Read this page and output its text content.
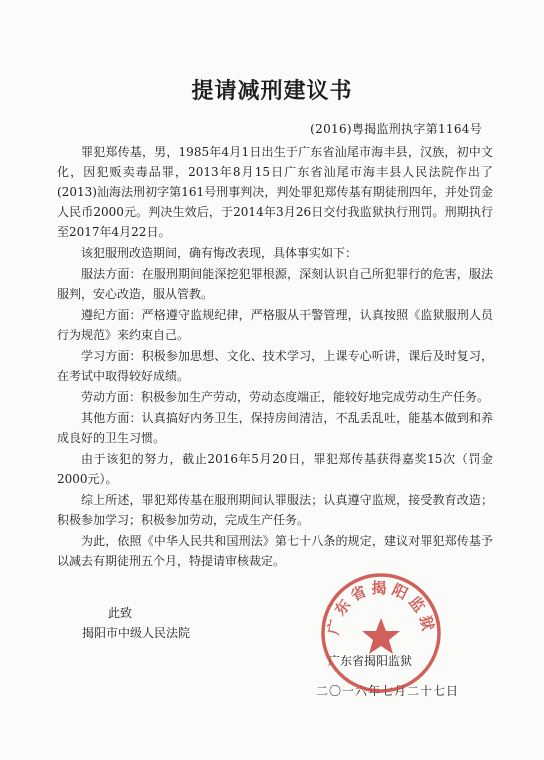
提请减刑建议书
(2016)粤揭监刑执字第1164号

罪犯郑传基，男，1985年4月1日出生于广东省汕尾市海丰县，汉族，初中文化，因犯贩卖毒品罪，2013年8月15日广东省汕尾市海丰县人民法院作出了(2013)汕海法刑初字第161号刑事判决，判处罪犯郑传基有期徒刑四年，并处罚金人民币2000元。判决生效后，于2014年3月26日交付我监狱执行刑罚。刑期执行至2017年4月22日。

该犯服刑改造期间，确有悔改表现，具体事实如下：

服法方面：在服刑期间能深挖犯罪根源，深刻认识自己所犯罪行的危害，服法服判，安心改造，服从管教。

遵纪方面：严格遵守监规纪律，严格服从干警管理，认真按照《监狱服刑人员行为规范》来约束自己。

学习方面：积极参加思想、文化、技术学习，上课专心听讲，课后及时复习，在考试中取得较好成绩。

劳动方面：积极参加生产劳动，劳动态度端正，能较好地完成劳动生产任务。

其他方面：认真搞好内务卫生，保持房间清洁，不乱丢乱吐，能基本做到和养成良好的卫生习惯。

由于该犯的努力，截止2016年5月20日，罪犯郑传基获得嘉奖15次（罚金2000元）。

综上所述，罪犯郑传基在服刑期间认罪服法；认真遵守监规，接受教育改造；积极参加学习；积极参加劳动，完成生产任务。

为此，依照《中华人民共和国刑法》第七十八条的规定，建议对罪犯郑传基予以减去有期徒刑五个月，特提请审核裁定。

此致
揭阳市中级人民法院
广东省揭阳监狱
二〇一六年七月二十七日
广东省揭阳监狱
